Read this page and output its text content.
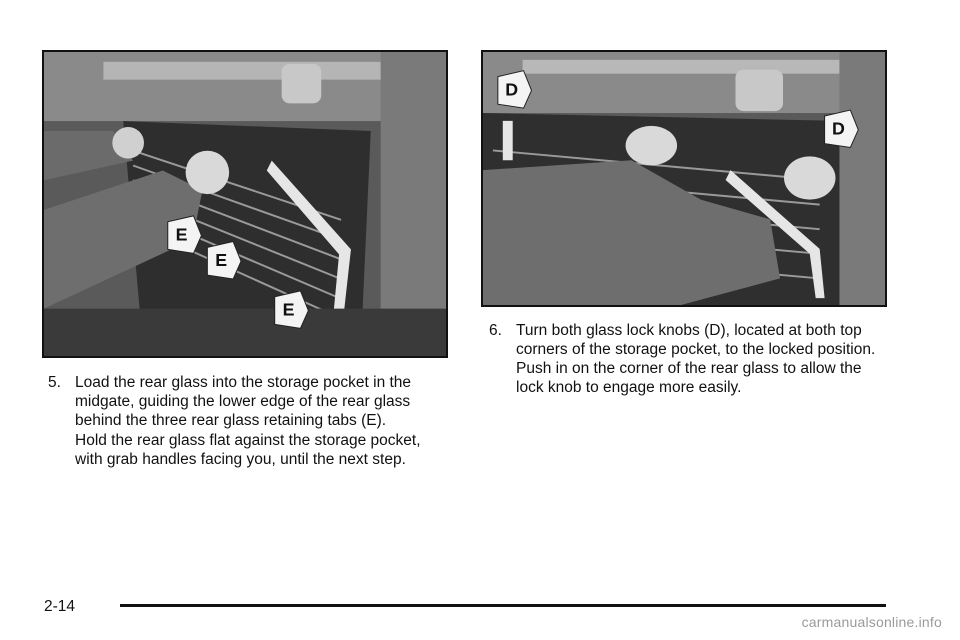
E
E
E
D
D
5. Load the rear glass into the storage pocket in the midgate, guiding the lower edge of the rear glass behind the three rear glass retaining tabs (E).

Hold the rear glass flat against the storage pocket, with grab handles facing you, until the next step.

6. Turn both glass lock knobs (D), located at both top corners of the storage pocket, to the locked position. Push in on the corner of the rear glass to allow the lock knob to engage more easily.
2-14
carmanualsonline.info
